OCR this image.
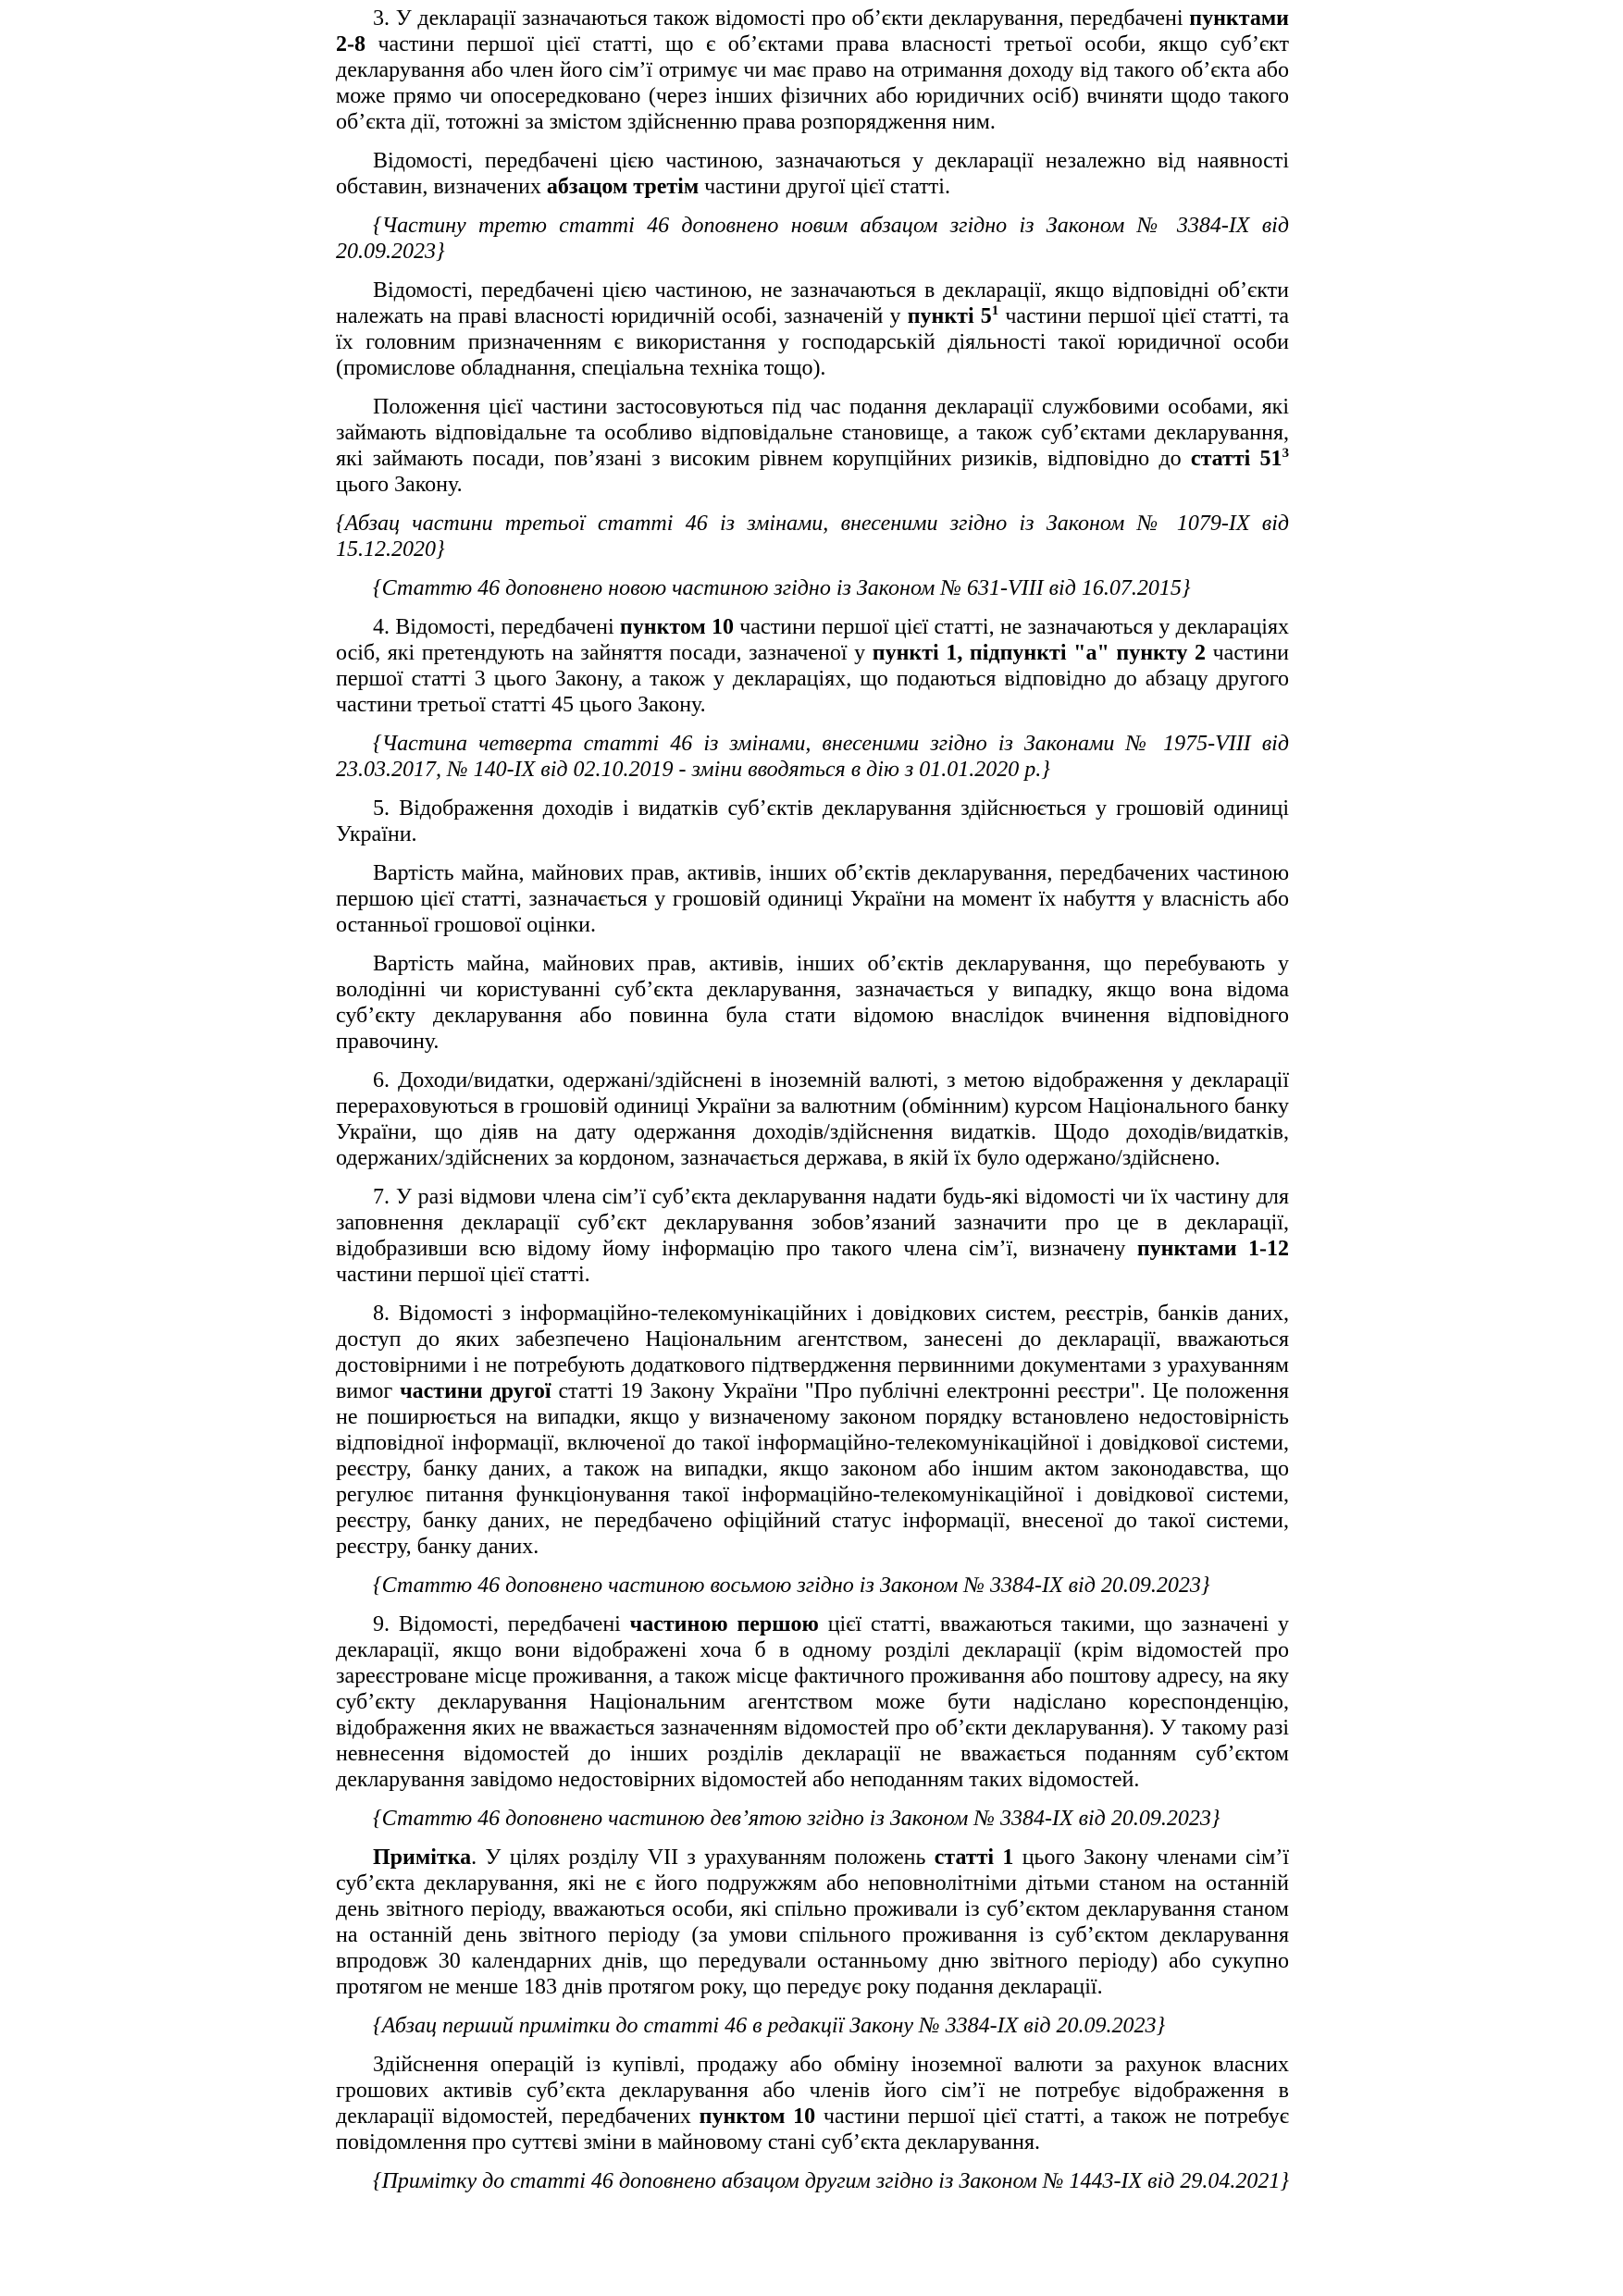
3. У декларації зазначаються також відомості про об’єкти декларування, передбачені пунктами 2-8 частини першої цієї статті, що є об’єктами права власності третьої особи, якщо суб’єкт декларування або член його сім’ї отримує чи має право на отримання доходу від такого об’єкта або може прямо чи опосередковано (через інших фізичних або юридичних осіб) вчиняти щодо такого об’єкта дії, тотожні за змістом здійсненню права розпорядження ним.

Відомості, передбачені цією частиною, зазначаються у декларації незалежно від наявності обставин, визначених абзацом третім частини другої цієї статті.

{Частину третю статті 46 доповнено новим абзацом згідно із Законом № 3384-IX від 20.09.2023}

Відомості, передбачені цією частиною, не зазначаються в декларації, якщо відповідні об’єкти належать на праві власності юридичній особі, зазначеній у пункті $5^1$ частини першої цієї статті, та їх головним призначенням є використання у господарській діяльності такої юридичної особи (промислове обладнання, спеціальна техніка тощо).

Положення цієї частини застосовуються під час подання декларації службовими особами, які займають відповідальне та особливо відповідальне становище, а також суб’єктами декларування, які займають посади, пов’язані з високим рівнем корупційних ризиків, відповідно до статті $51^3$ цього Закону.

{Абзац частини третьої статті 46 із змінами, внесеними згідно із Законом № 1079-IX від 15.12.2020}

{Статтю 46 доповнено новою частиною згідно із Законом № 631-VIII від 16.07.2015}

4. Відомості, передбачені пунктом 10 частини першої цієї статті, не зазначаються у деклараціях осіб, які претендують на зайняття посади, зазначеної у пункті 1, підпункті "а" пункту 2 частини першої статті 3 цього Закону, а також у деклараціях, що подаються відповідно до абзацу другого частини третьої статті 45 цього Закону.

{Частина четверта статті 46 із змінами, внесеними згідно із Законами № 1975-VIII від 23.03.2017, № 140-IX від 02.10.2019 - зміни вводяться в дію з 01.01.2020 р.}

5. Відображення доходів і видатків суб’єктів декларування здійснюється у грошовій одиниці України.

Вартість майна, майнових прав, активів, інших об’єктів декларування, передбачених частиною першою цієї статті, зазначається у грошовій одиниці України на момент їх набуття у власність або останньої грошової оцінки.

Вартість майна, майнових прав, активів, інших об’єктів декларування, що перебувають у володінні чи користуванні суб’єкта декларування, зазначається у випадку, якщо вона відома суб’єкту декларування або повинна була стати відомою внаслідок вчинення відповідного правочину.

6. Доходи/видатки, одержані/здійснені в іноземній валюті, з метою відображення у декларації перераховуються в грошовій одиниці України за валютним (обмінним) курсом Національного банку України, що діяв на дату одержання доходів/здійснення видатків. Щодо доходів/видатків, одержаних/здійснених за кордоном, зазначається держава, в якій їх було одержано/здійснено.

7. У разі відмови члена сім’ї суб’єкта декларування надати будь-які відомості чи їх частину для заповнення декларації суб’єкт декларування зобов’язаний зазначити про це в декларації, відобразивши всю відому йому інформацію про такого члена сім’ї, визначену пунктами 1-12 частини першої цієї статті.

8. Відомості з інформаційно-телекомунікаційних і довідкових систем, реєстрів, банків даних, доступ до яких забезпечено Національним агентством, занесені до декларації, вважаються достовірними і не потребують додаткового підтвердження первинними документами з урахуванням вимог частини другої статті 19 Закону України "Про публічні електронні реєстри". Це положення не поширюється на випадки, якщо у визначеному законом порядку встановлено недостовірність відповідної інформації, включеної до такої інформаційно-телекомунікаційної і довідкової системи, реєстру, банку даних, а також на випадки, якщо законом або іншим актом законодавства, що регулює питання функціонування такої інформаційно-телекомунікаційної і довідкової системи, реєстру, банку даних, не передбачено офіційний статус інформації, внесеної до такої системи, реєстру, банку даних.

{Статтю 46 доповнено частиною восьмою згідно із Законом № 3384-IX від 20.09.2023}

9. Відомості, передбачені частиною першою цієї статті, вважаються такими, що зазначені у декларації, якщо вони відображені хоча б в одному розділі декларації (крім відомостей про зареєстроване місце проживання, а також місце фактичного проживання або поштову адресу, на яку суб’єкту декларування Національним агентством може бути надіслано кореспонденцію, відображення яких не вважається зазначенням відомостей про об’єкти декларування). У такому разі невнесення відомостей до інших розділів декларації не вважається поданням суб’єктом декларування завідомо недостовірних відомостей або неподанням таких відомостей.

{Статтю 46 доповнено частиною дев’ятою згідно із Законом № 3384-IX від 20.09.2023}

Примітка. У цілях розділу VII з урахуванням положень статті 1 цього Закону членами сім’ї суб’єкта декларування, які не є його подружжям або неповнолітніми дітьми станом на останній день звітного періоду, вважаються особи, які спільно проживали із суб’єктом декларування станом на останній день звітного періоду (за умови спільного проживання із суб’єктом декларування впродовж 30 календарних днів, що передували останньому дню звітного періоду) або сукупно протягом не менше 183 днів протягом року, що передує року подання декларації.

{Абзац перший примітки до статті 46 в редакції Закону № 3384-IX від 20.09.2023}

Здійснення операцій із купівлі, продажу або обміну іноземної валюти за рахунок власних грошових активів суб’єкта декларування або членів його сім’ї не потребує відображення в декларації відомостей, передбачених пунктом 10 частини першої цієї статті, а також не потребує повідомлення про суттєві зміни в майновому стані суб’єкта декларування.

{Примітку до статті 46 доповнено абзацом другим згідно із Законом № 1443-IX від 29.04.2021}
